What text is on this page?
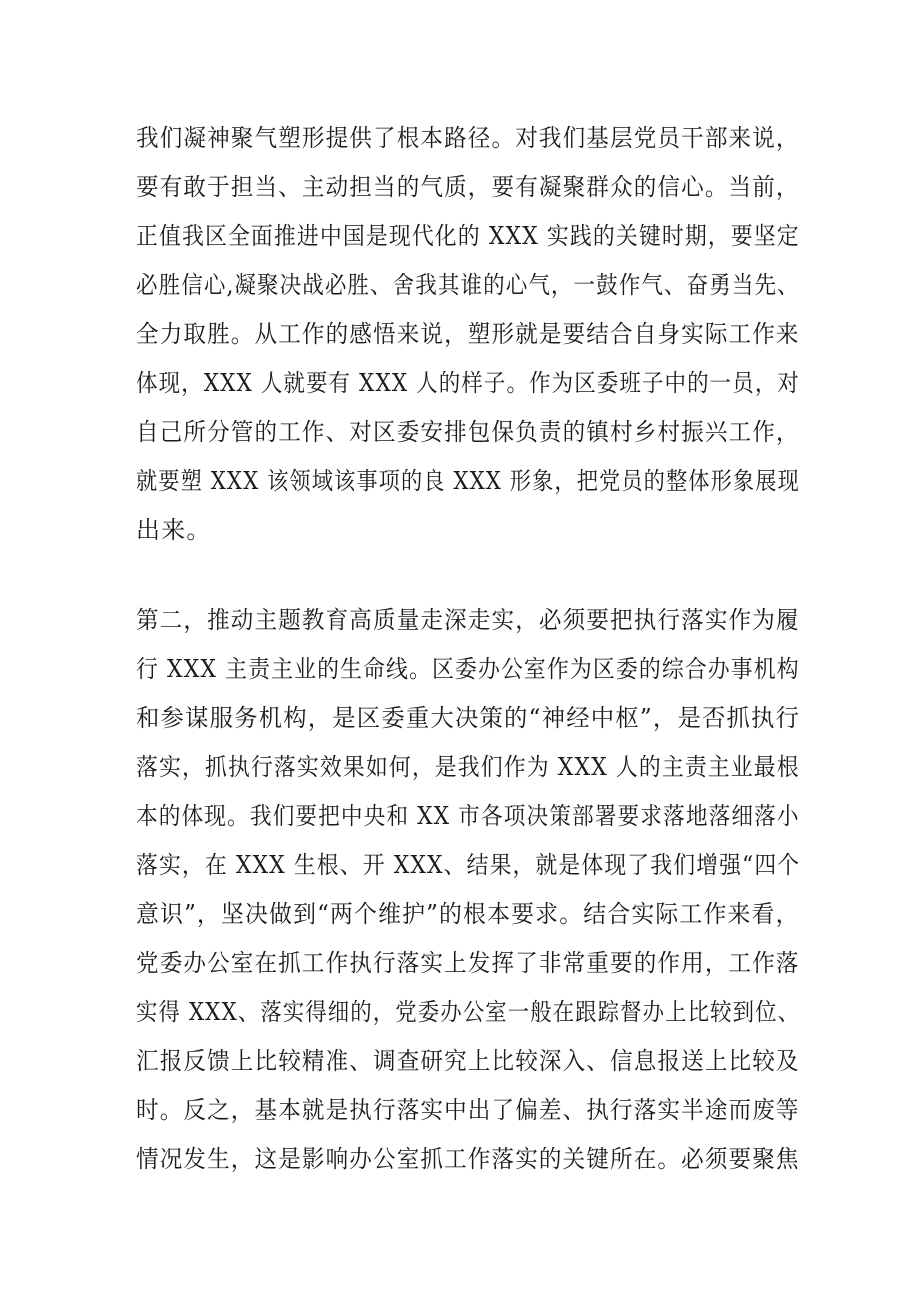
我们凝神聚气塑形提供了根本路径。对我们基层党员干部来说，
要有敢于担当、主动担当的气质，要有凝聚群众的信心。当前，
正值我区全面推进中国是现代化的 XXX 实践的关键时期，要坚定
必胜信心,凝聚决战必胜、舍我其谁的心气，一鼓作气、奋勇当先、
全力取胜。从工作的感悟来说，塑形就是要结合自身实际工作来
体现，XXX 人就要有 XXX 人的样子。作为区委班子中的一员，对
自己所分管的工作、对区委安排包保负责的镇村乡村振兴工作，
就要塑 XXX 该领域该事项的良 XXX 形象，把党员的整体形象展现
出来。
第二，推动主题教育高质量走深走实，必须要把执行落实作为履
行 XXX 主责主业的生命线。区委办公室作为区委的综合办事机构
和参谋服务机构，是区委重大决策的“神经中枢”，是否抓执行
落实，抓执行落实效果如何，是我们作为 XXX 人的主责主业最根
本的体现。我们要把中央和 XX 市各项决策部署要求落地落细落小
落实，在 XXX 生根、开 XXX、结果，就是体现了我们增强“四个
意识”，坚决做到“两个维护”的根本要求。结合实际工作来看，
党委办公室在抓工作执行落实上发挥了非常重要的作用，工作落
实得 XXX、落实得细的，党委办公室一般在跟踪督办上比较到位、
汇报反馈上比较精准、调查研究上比较深入、信息报送上比较及
时。反之，基本就是执行落实中出了偏差、执行落实半途而废等
情况发生，这是影响办公室抓工作落实的关键所在。必须要聚焦
